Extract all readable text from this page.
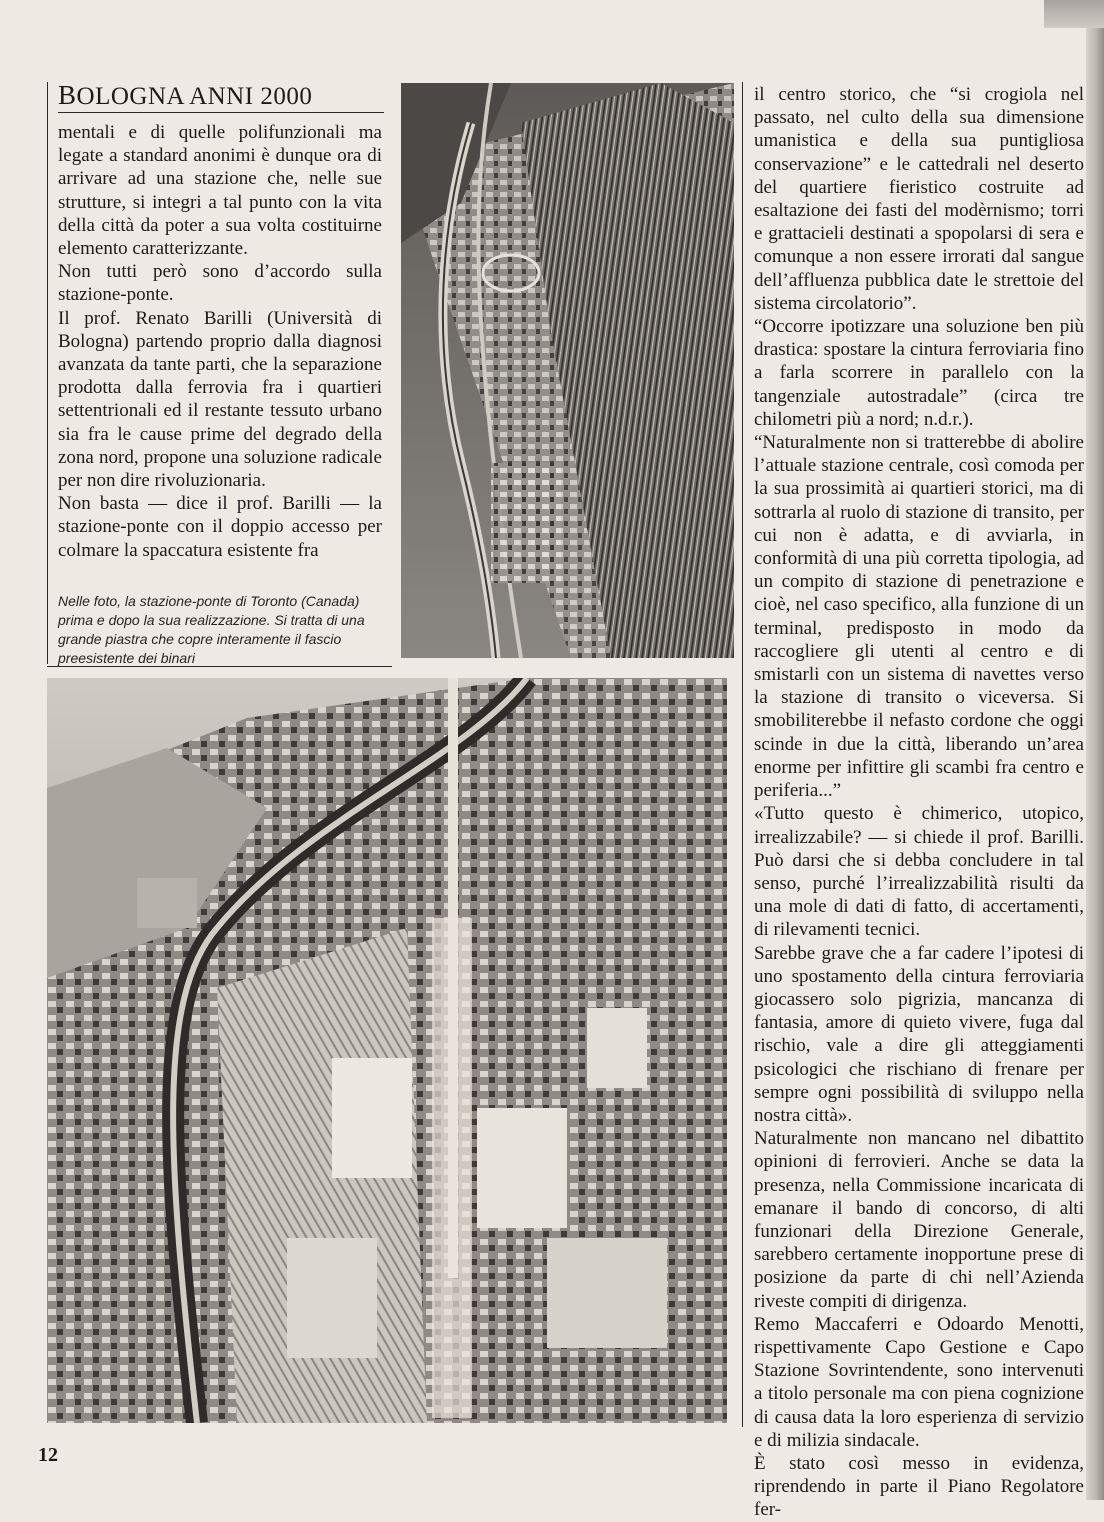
BOLOGNA ANNI 2000

mentali e di quelle polifunzionali ma legate a standard anonimi è dunque ora di arrivare ad una stazione che, nelle sue strutture, si integri a tal punto con la vita della città da poter a sua volta costituirne elemento caratterizzante.

Non tutti però sono d’accordo sulla stazione-ponte.

Il prof. Renato Barilli (Università di Bologna) partendo proprio dalla diagnosi avanzata da tante parti, che la separazione prodotta dalla ferrovia fra i quartieri settentrionali ed il restante tessuto urbano sia fra le cause prime del degrado della zona nord, propone una soluzione radicale per non dire rivoluzionaria.

Non basta — dice il prof. Barilli — la stazione-ponte con il doppio accesso per colmare la spaccatura esistente fra

Nelle foto, la stazione-ponte di Toronto (Canada) prima e dopo la sua realizzazione. Si tratta di una grande piastra che copre interamente il fascio preesistente dei binari

il centro storico, che “si crogiola nel passato, nel culto della sua dimensione umanistica e della sua puntigliosa conservazione” e le cattedrali nel deserto del quartiere fieristico costruite ad esaltazione dei fasti del modèrnismo; torri e grattacieli destinati a spopolarsi di sera e comunque a non essere irrorati dal sangue dell’affluenza pubblica date le strettoie del sistema circolatorio”.

“Occorre ipotizzare una soluzione ben più drastica: spostare la cintura ferroviaria fino a farla scorrere in parallelo con la tangenziale autostradale” (circa tre chilometri più a nord; n.d.r.).

“Naturalmente non si tratterebbe di abolire l’attuale stazione centrale, così comoda per la sua prossimità ai quartieri storici, ma di sottrarla al ruolo di stazione di transito, per cui non è adatta, e di avviarla, in conformità di una più corretta tipologia, ad un compito di stazione di penetrazione e cioè, nel caso specifico, alla funzione di un terminal, predisposto in modo da raccogliere gli utenti al centro e di smistarli con un sistema di navettes verso la stazione di transito o viceversa. Si smobiliterebbe il nefasto cordone che oggi scinde in due la città, liberando un’area enorme per infittire gli scambi fra centro e periferia...”

«Tutto questo è chimerico, utopico, irrealizzabile? — si chiede il prof. Barilli. Può darsi che si debba concludere in tal senso, purché l’irrealizzabilità risulti da una mole di dati di fatto, di accertamenti, di rilevamenti tecnici.

Sarebbe grave che a far cadere l’ipotesi di uno spostamento della cintura ferroviaria giocassero solo pigrizia, mancanza di fantasia, amore di quieto vivere, fuga dal rischio, vale a dire gli atteggiamenti psicologici che rischiano di frenare per sempre ogni possibilità di sviluppo nella nostra città».

Naturalmente non mancano nel dibattito opinioni di ferrovieri. Anche se data la presenza, nella Commissione incaricata di emanare il bando di concorso, di alti funzionari della Direzione Generale, sarebbero certamente inopportune prese di posizione da parte di chi nell’Azienda riveste compiti di dirigenza.

Remo Maccaferri e Odoardo Menotti, rispettivamente Capo Gestione e Capo Stazione Sovrintendente, sono intervenuti a titolo personale ma con piena cognizione di causa data la loro esperienza di servizio e di milizia sindacale.

È stato così messo in evidenza, riprendendo in parte il Piano Regolatore fer-

12
